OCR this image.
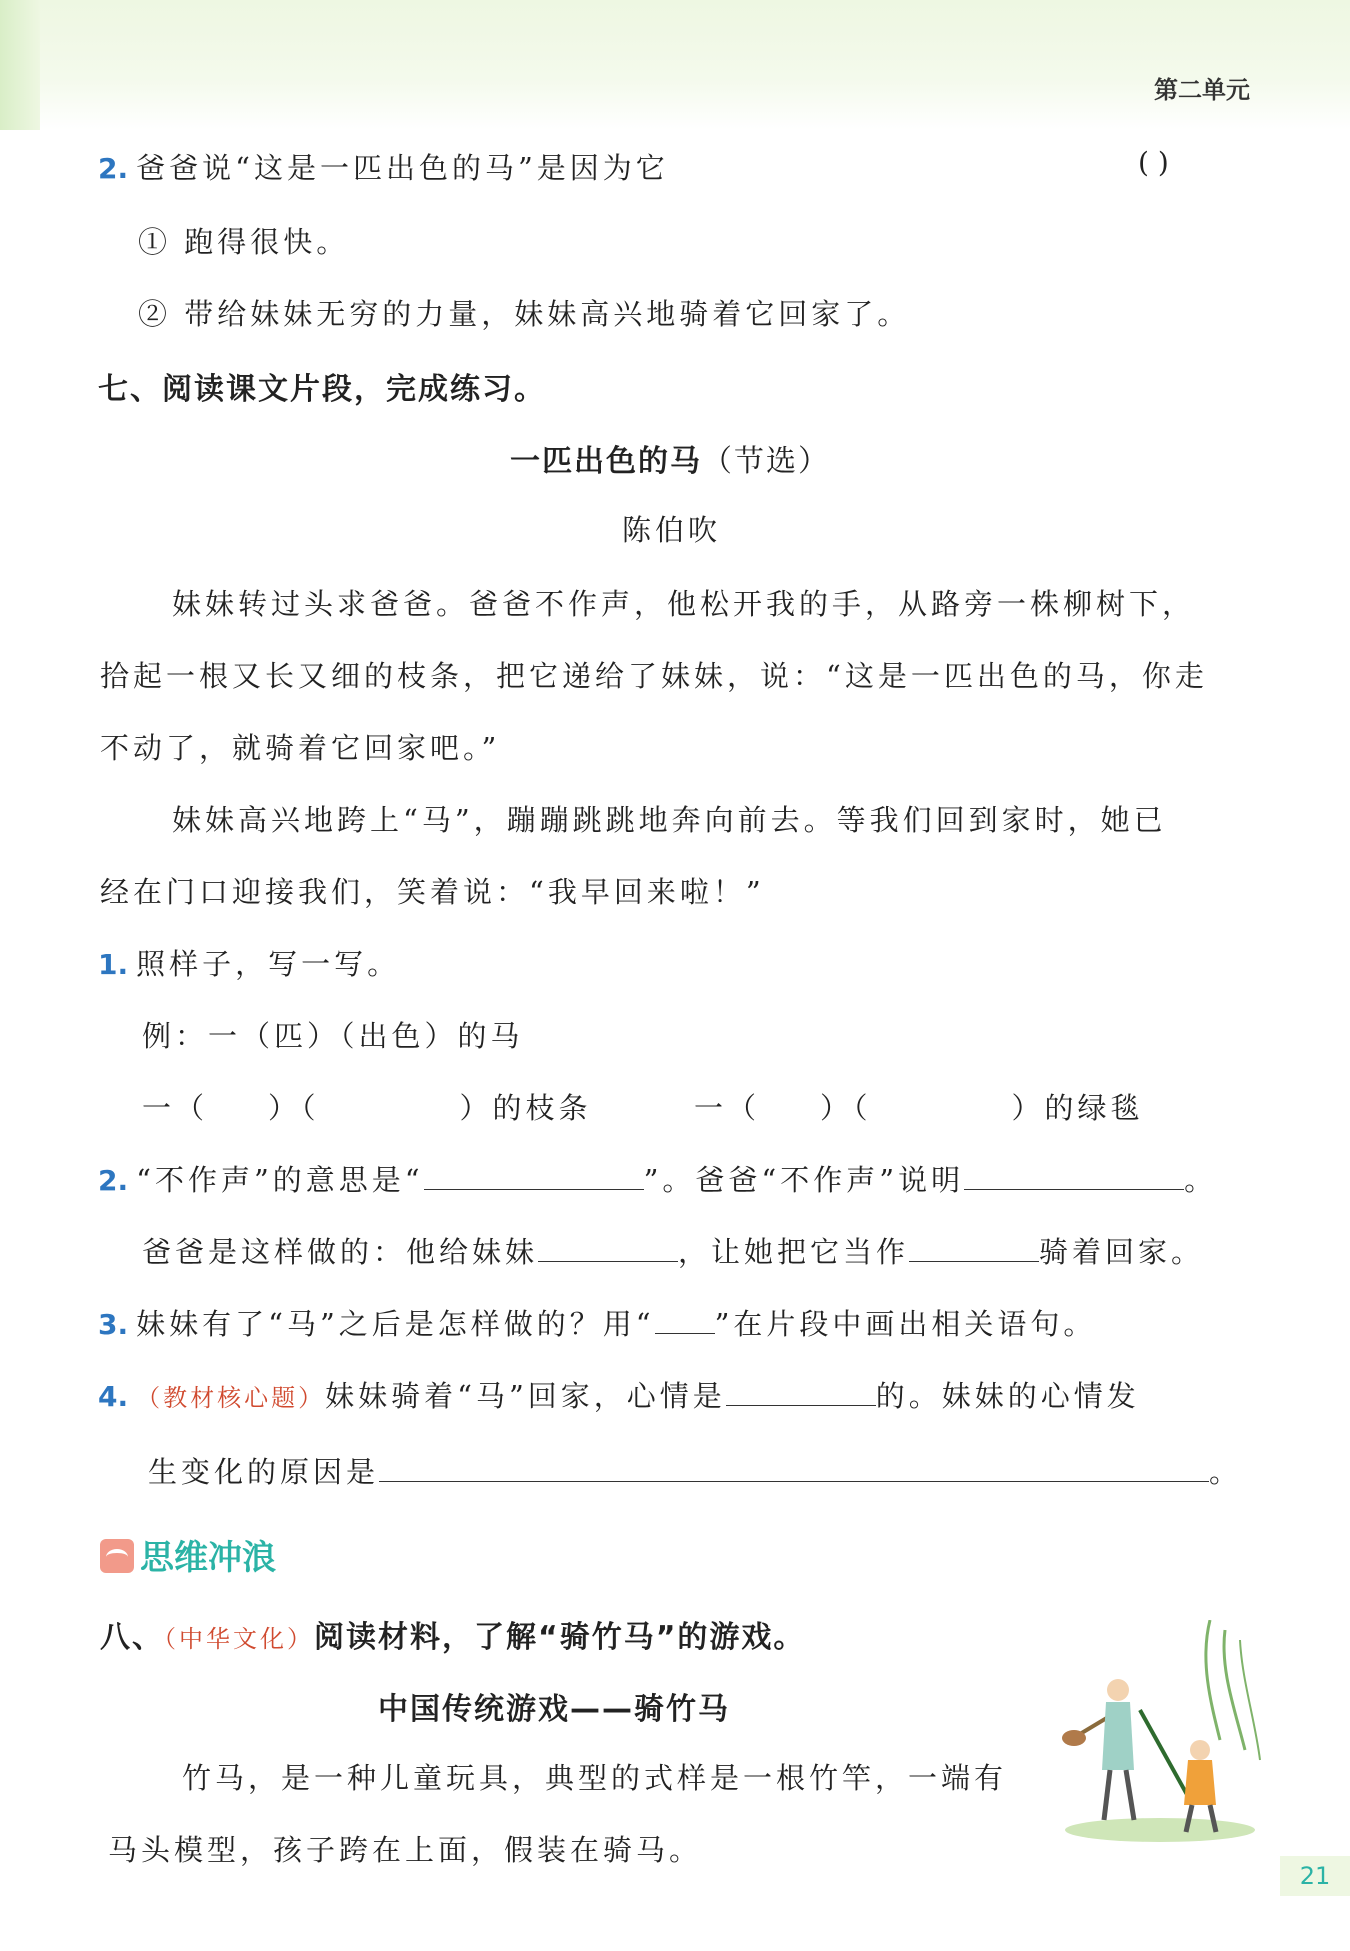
第二单元
2. 爸爸说“这是一匹出色的马”是因为它	( )
① 跑得很快。
② 带给妹妹无穷的力量，妹妹高兴地骑着它回家了。
七、阅读课文片段，完成练习。
一匹出色的马（节选）
陈伯吹
妹妹转过头求爸爸。爸爸不作声，他松开我的手，从路旁一株柳树下，
拾起一根又长又细的枝条，把它递给了妹妹，说：“这是一匹出色的马，你走
不动了，就骑着它回家吧。”
妹妹高兴地跨上“马”，蹦蹦跳跳地奔向前去。等我们回到家时，她已
经在门口迎接我们，笑着说：“我早回来啦！”
1. 照样子，写一写。
例：一（匹）（出色）的马
一（ ）（	）的枝条	一（ ）（	）的绿毯
2. “不作声”的意思是“	”。爸爸“不作声”说明	。
爸爸是这样做的：他给妹妹	，让她把它当作	骑着回家。
3. 妹妹有了“马”之后是怎样做的？用“ ”在片段中画出相关语句。
4. （教材核心题）妹妹骑着“马”回家，心情是	的。妹妹的心情发
生变化的原因是	。
思维冲浪
八、（中华文化）阅读材料，了解“骑竹马”的游戏。
中国传统游戏——骑竹马
竹马，是一种儿童玩具，典型的式样是一根竹竿，一端有
马头模型，孩子跨在上面，假装在骑马。
21
